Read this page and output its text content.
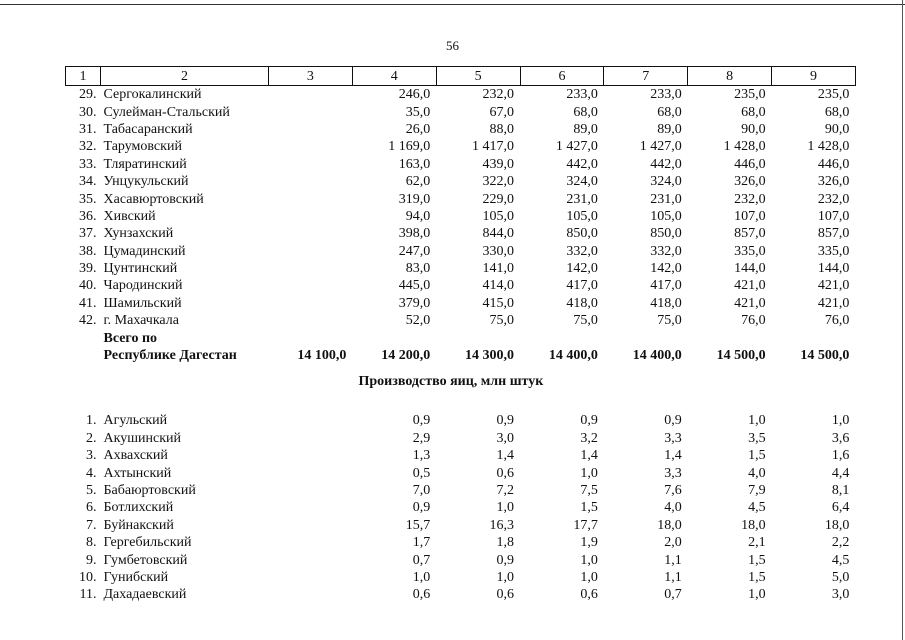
56
1	2	3	4	5	6	7	8	9
29.	Сергокалинский		246,0	232,0	233,0	233,0	235,0	235,0
30.	Сулейман-Стальский		35,0	67,0	68,0	68,0	68,0	68,0
31.	Табасаранский		26,0	88,0	89,0	89,0	90,0	90,0
32.	Тарумовский		1 169,0	1 417,0	1 427,0	1 427,0	1 428,0	1 428,0
33.	Тляратинский		163,0	439,0	442,0	442,0	446,0	446,0
34.	Унцукульский		62,0	322,0	324,0	324,0	326,0	326,0
35.	Хасавюртовский		319,0	229,0	231,0	231,0	232,0	232,0
36.	Хивский		94,0	105,0	105,0	105,0	107,0	107,0
37.	Хунзахский		398,0	844,0	850,0	850,0	857,0	857,0
38.	Цумадинский		247,0	330,0	332,0	332,0	335,0	335,0
39.	Цунтинский		83,0	141,0	142,0	142,0	144,0	144,0
40.	Чародинский		445,0	414,0	417,0	417,0	421,0	421,0
41.	Шамильский		379,0	415,0	418,0	418,0	421,0	421,0
42.	г. Махачкала		52,0	75,0	75,0	75,0	76,0	76,0
	Всего по							
	Республике Дагестан	14 100,0	14 200,0	14 300,0	14 400,0	14 400,0	14 500,0	14 500,0
		Производство яиц, млн штук						

1.	Агульский		0,9	0,9	0,9	0,9	1,0	1,0
2.	Акушинский		2,9	3,0	3,2	3,3	3,5	3,6
3.	Ахвахский		1,3	1,4	1,4	1,4	1,5	1,6
4.	Ахтынский		0,5	0,6	1,0	3,3	4,0	4,4
5.	Бабаюртовский		7,0	7,2	7,5	7,6	7,9	8,1
6.	Ботлихский		0,9	1,0	1,5	4,0	4,5	6,4
7.	Буйнакский		15,7	16,3	17,7	18,0	18,0	18,0
8.	Гергебильский		1,7	1,8	1,9	2,0	2,1	2,2
9.	Гумбетовский		0,7	0,9	1,0	1,1	1,5	4,5
10.	Гунибский		1,0	1,0	1,0	1,1	1,5	5,0
11.	Дахадаевский		0,6	0,6	0,6	0,7	1,0	3,0
